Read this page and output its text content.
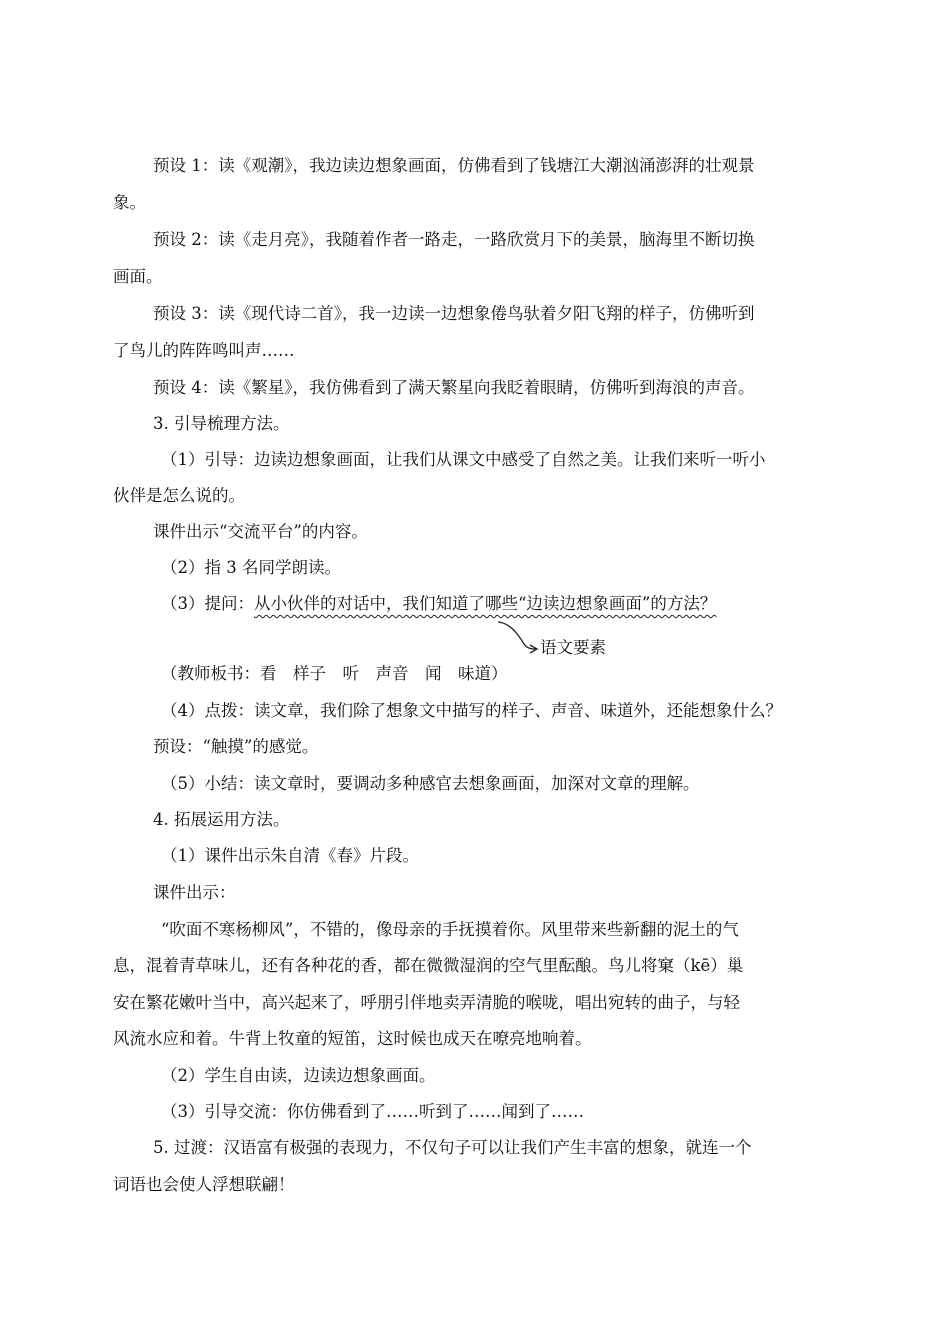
预设 1：读《观潮》，我边读边想象画面，仿佛看到了钱塘江大潮汹涌澎湃的壮观景
象。
预设 2：读《走月亮》，我随着作者一路走，一路欣赏月下的美景，脑海里不断切换
画面。
预设 3：读《现代诗二首》，我一边读一边想象倦鸟驮着夕阳飞翔的样子，仿佛听到
了鸟儿的阵阵鸣叫声……
预设 4：读《繁星》，我仿佛看到了满天繁星向我眨着眼睛，仿佛听到海浪的声音。
3. 引导梳理方法。
（1）引导：边读边想象画面，让我们从课文中感受了自然之美。让我们来听一听小
伙伴是怎么说的。
课件出示“交流平台”的内容。
（2）指 3 名同学朗读。
（3）提问：从小伙伴的对话中，我们知道了哪些“边读边想象画面”的方法？
语文要素
（教师板书：看　样子　听　声音　闻　味道）
（4）点拨：读文章，我们除了想象文中描写的样子、声音、味道外，还能想象什么？
预设：“触摸”的感觉。
（5）小结：读文章时，要调动多种感官去想象画面，加深对文章的理解。
4. 拓展运用方法。
（1）课件出示朱自清《春》片段。
课件出示：
“吹面不寒杨柳风”，不错的，像母亲的手抚摸着你。风里带来些新翻的泥土的气
息，混着青草味儿，还有各种花的香，都在微微湿润的空气里酝酿。鸟儿将窠（kē）巢
安在繁花嫩叶当中，高兴起来了，呼朋引伴地卖弄清脆的喉咙，唱出宛转的曲子，与轻
风流水应和着。牛背上牧童的短笛，这时候也成天在嘹亮地响着。
（2）学生自由读，边读边想象画面。
（3）引导交流：你仿佛看到了……听到了……闻到了……
5. 过渡：汉语富有极强的表现力，不仅句子可以让我们产生丰富的想象，就连一个
词语也会使人浮想联翩！
